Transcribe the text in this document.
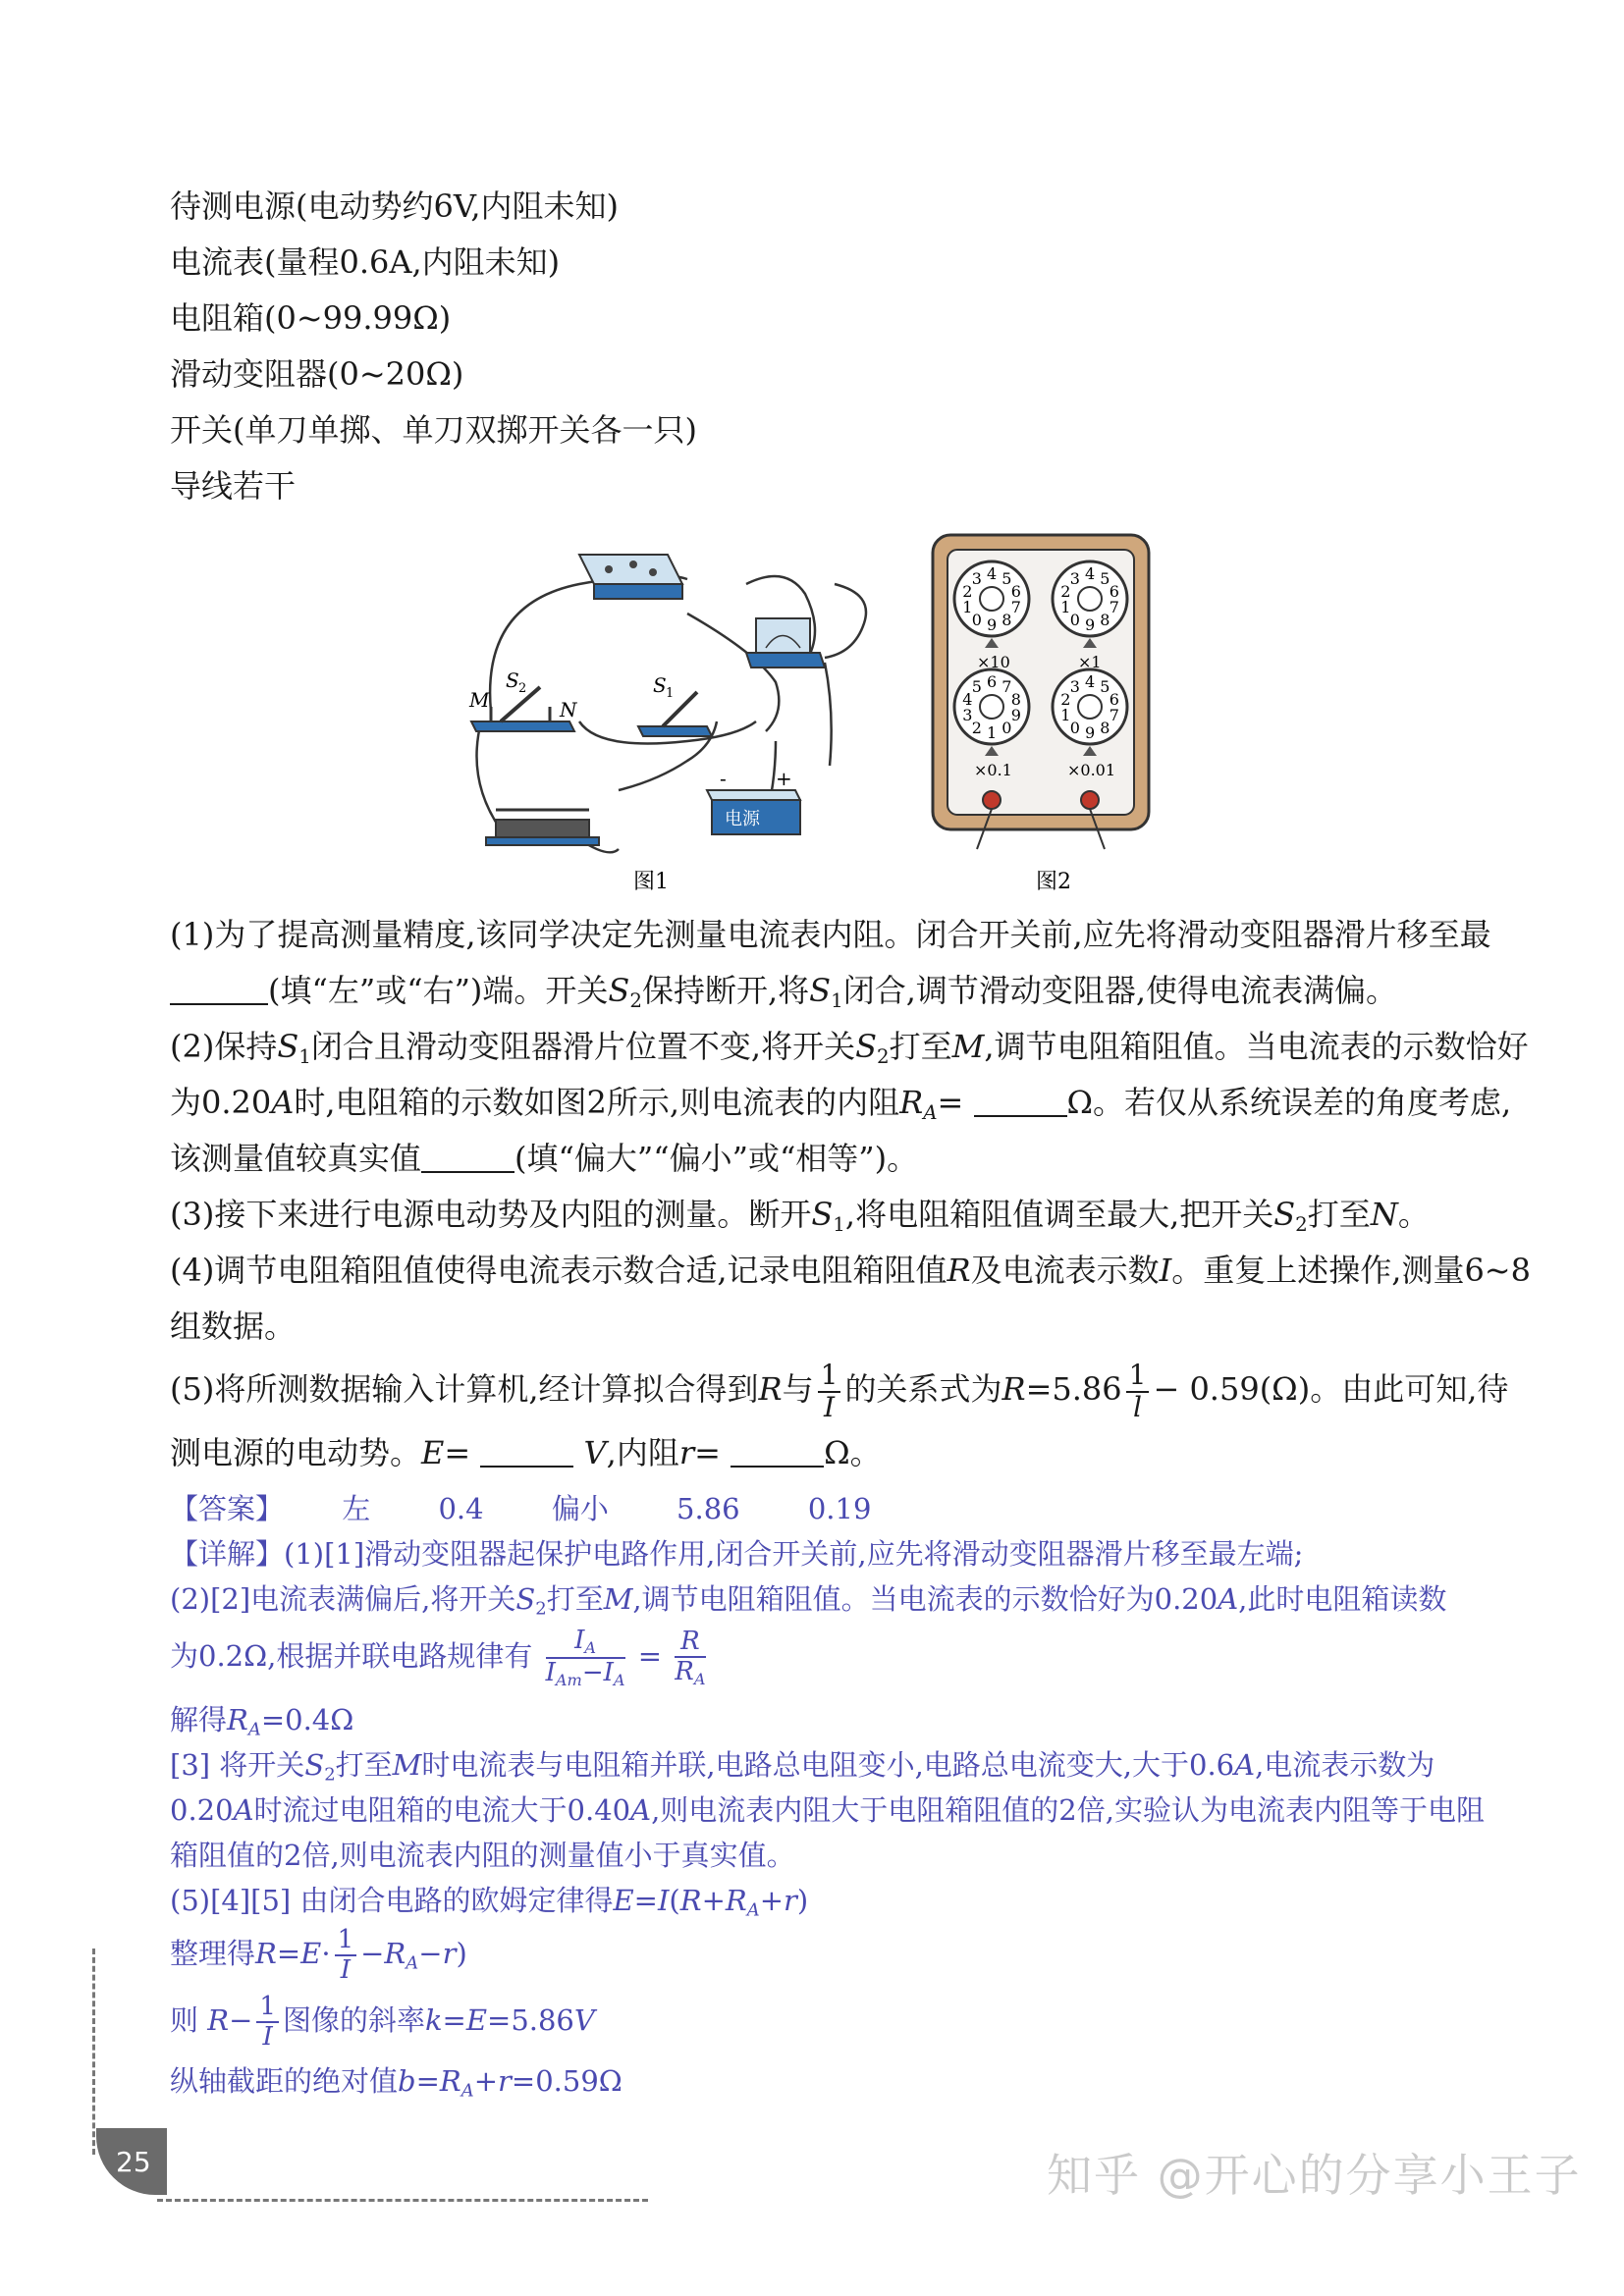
待测电源(电动势约6V,内阻未知)
电流表(量程0.6A,内阻未知)
电阻箱(0~99.99Ω)
滑动变阻器(0~20Ω)
开关(单刀单掷、单刀双掷开关各一只)
导线若干
电源
-	+
M	N
S 2	S 1
图1
4 5
6
7
8
9
0
1
2
3	4 5
6
7
8
9
0
1
2
3
6 7
8
9
0
1
2
3
4
5	4 5
6
7
8
9
0
1
2
3
×10	×1
×0.1	×0.01
图2
(1)为了提高测量精度,该同学决定先测量电流表内阻。闭合开关前,应先将滑动变阻器滑片移至最
(填“左”或“右”)端。开关$S_2$保持断开,将$S_1$闭合,调节滑动变阻器,使得电流表满偏。
(2)保持$S_1$闭合且滑动变阻器滑片位置不变,将开关$S_2$打至M,调节电阻箱阻值。当电流表的示数恰好
为0.20A时,电阻箱的示数如图2所示,则电流表的内阻$R_A=$	Ω。若仅从系统误差的角度考虑,
该测量值较真实值	(填“偏大”“偏小”或“相等”)。
(3)接下来进行电源电动势及内阻的测量。断开$S_1$,将电阻箱阻值调至最大,把开关$S_2$打至N。
(4)调节电阻箱阻值使得电流表示数合适,记录电阻箱阻值R及电流表示数I。重复上述操作,测量6~8
组数据。
(5)将所测数据输入计算机,经计算拟合得到R与 $\frac{1}{I}$ 的关系式为$R=5.86 \frac{1}{l} - 0.59(\Omega)$。由此可知,待
测电源的电动势。E=	V,内阻r=	Ω。
【答案】 左 0.4 偏小 5.86 0.19
【详解】(1)[1]滑动变阻器起保护电路作用,闭合开关前,应先将滑动变阻器滑片移至最左端;
(2)[2]电流表满偏后,将开关$S_2$打至M,调节电阻箱阻值。当电流表的示数恰好为0.20A,此时电阻箱读数
为0.2Ω,根据并联电路规律有 $\frac{I_A}{I_{Am}-I_A} = \frac{R}{R_A}$
解得$R_A=0.4\Omega$
[3] 将开关$S_2$打至M时电流表与电阻箱并联,电路总电阻变小,电路总电流变大,大于0.6A,电流表示数为
0.20A时流过电阻箱的电流大于0.40A,则电流表内阻大于电阻箱阻值的2倍,实验认为电流表内阻等于电阻
箱阻值的2倍,则电流表内阻的测量值小于真实值。
(5)[4][5] 由闭合电路的欧姆定律得$E=I(R+R_A+r)$
整理得$R=E\cdot \frac{1}{I} -R_A-r$)
则 $R- \frac{1}{I}$ 图像的斜率k=E=5.86V
纵轴截距的绝对值$b=R_A+r=0.59\Omega$
25	知乎 @开心的分享小王子
